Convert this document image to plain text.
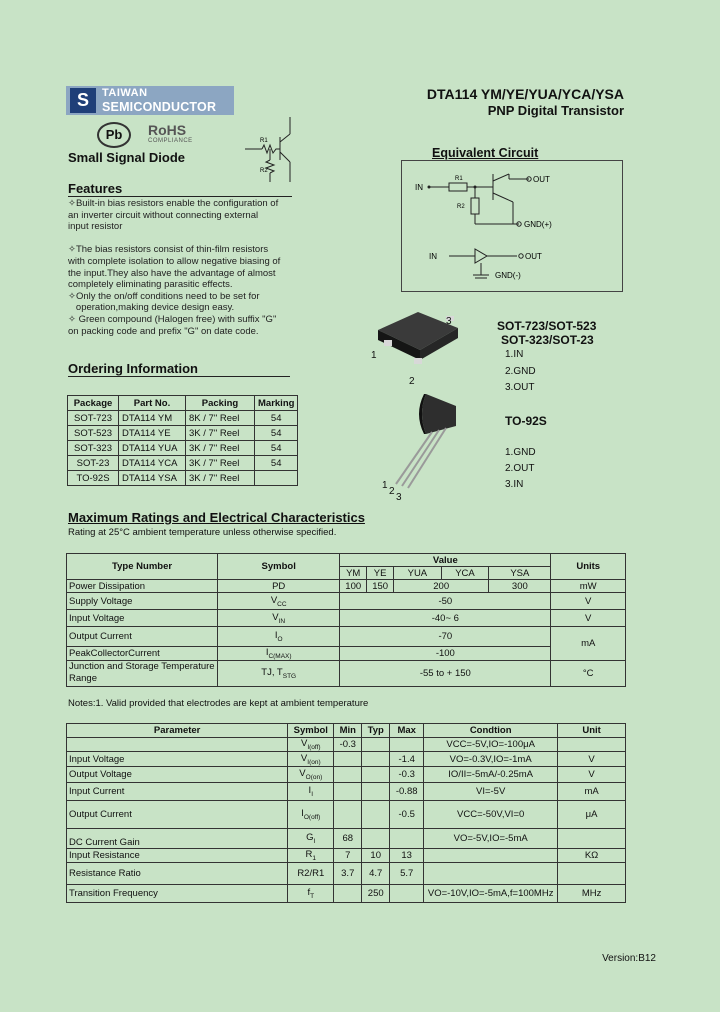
S	TAIWAN
SEMICONDUCTOR
Pb	RoHS
COMPLIANCE
DTA114 YM/YE/YUA/YCA/YSA
PNP Digital Transistor
R1
R2
Small Signal Diode
Features
✧Built-in bias resistors enable the configuration of
an inverter circuit without connecting external
input resistor
✧The bias resistors consist of thin-film resistors
with complete isolation to allow negative biasing of
the input.They also have the advantage of almost
completely eliminating parasitic effects.
✧Only the on/off conditions need to be set for
operation,making device design easy.
✧ Green compound (Halogen free) with suffix "G"
on packing code and prefix "G" on date code.
Ordering Information
Package	Part No.	Packing	Marking
SOT-723	DTA114 YM	8K / 7" Reel	54
SOT-523	DTA114 YE	3K / 7" Reel	54
SOT-323	DTA114 YUA	3K / 7" Reel	54
SOT-23	DTA114 YCA	3K / 7" Reel	54
TO-92S	DTA114 YSA	3K / 7" Reel	
Equivalent Circuit
IN
OUT
GND(+)
R1
R2
IN	OUT
GND(-)
3
1
2
SOT-723/SOT-523
SOT-323/SOT-23
1.IN
2.GND
3.OUT
1
2
3
TO-92S
1.GND
2.OUT
3.IN
Maximum Ratings and Electrical Characteristics
Rating at 25°C ambient temperature unless otherwise specified.
Type Number	Symbol	Value					Units
		YM	YE	YUA	YCA	YSA	
Power Dissipation	PD	100	150	200		300	mW
Supply Voltage	$V_{CC}$	-50					V
Input Voltage	$V_{IN}$	-40~ 6					V
Output Current	$I_O$	-70					mA
PeakCollectorCurrent	$I_{C(MAX)}$	-100					
Junction and Storage Temperature Range	TJ, $T_{STG}$	-55 to + 150					°C
Notes:1. Valid provided that electrodes are kept at ambient temperature
Parameter	Symbol	Min	Typ	Max	Condtion	Unit
	$V_{I(off)}$	-0.3			VCC=-5V,IO=-100μA	
Input Voltage	$V_{I(on)}$			-1.4	VO=-0.3V,IO=-1mA	V
Output Voltage	$V_{O(on)}$			-0.3	IO/II=-5mA/-0.25mA	V
Input Current	$I_I$			-0.88	VI=-5V	mA
Output Current	$I_{O(off)}$			-0.5	VCC=-50V,VI=0	μA
DC Current Gain	$G_I$	68			VO=-5V,IO=-5mA	
Input Resistance	$R_1$	7	10	13		KΩ
Resistance Ratio	R2/R1	3.7	4.7	5.7		
Transition Frequency	$f_T$		250		VO=-10V,IO=-5mA,f=100MHz	MHz
Version:B12
